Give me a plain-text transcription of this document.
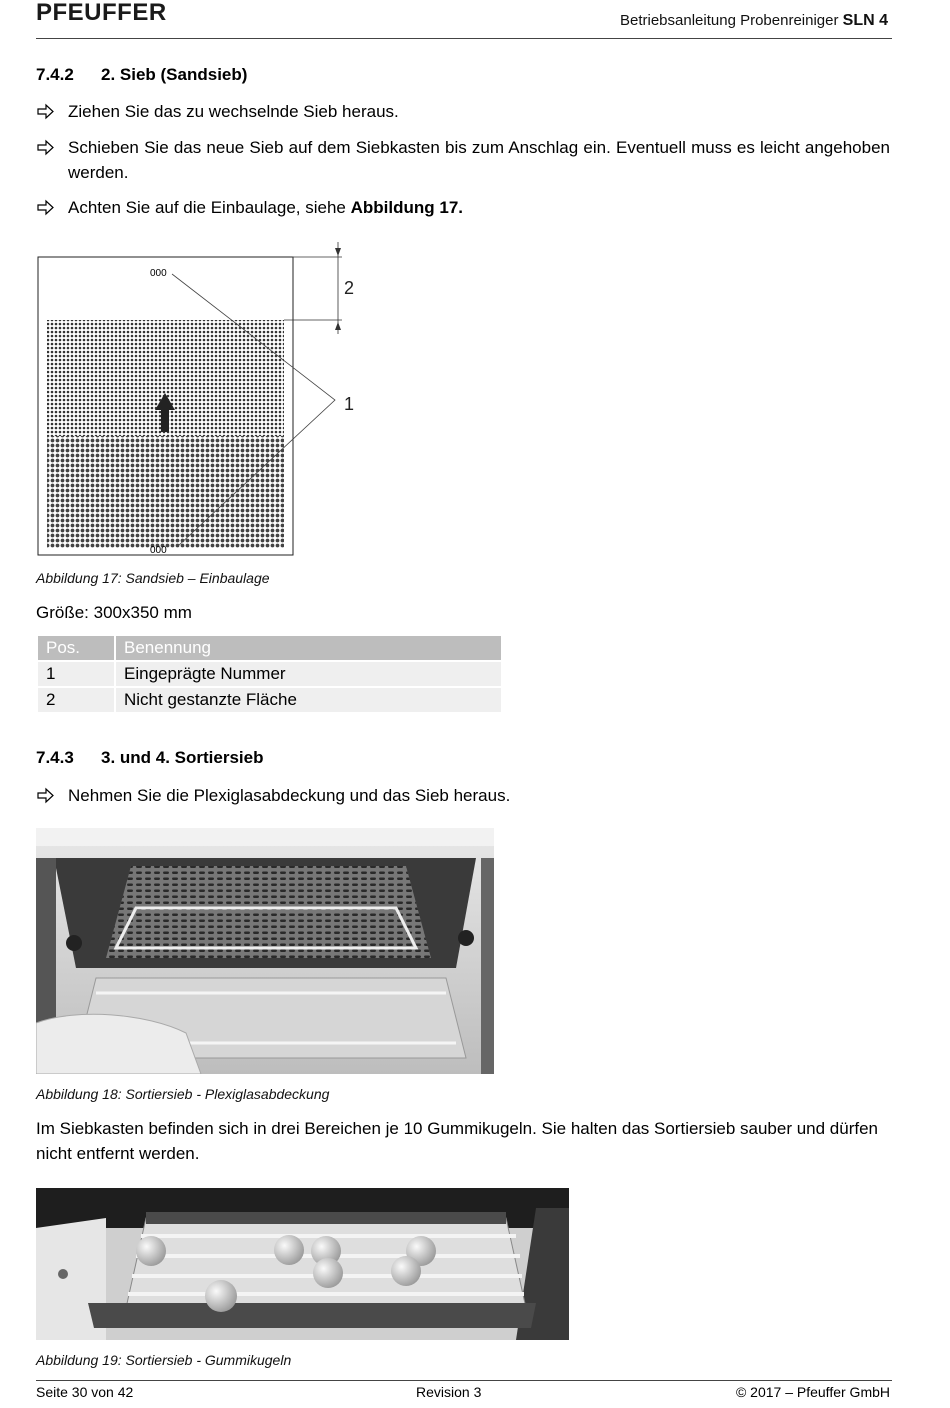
PFEUFFER	Betriebsanleitung Probenreiniger SLN 4
7.4.2 2. Sieb (Sandsieb)
Ziehen Sie das zu wechselnde Sieb heraus.
Schieben Sie das neue Sieb auf dem Siebkasten bis zum Anschlag ein. Eventuell muss es leicht angehoben werden.
Achten Sie auf die Einbaulage, siehe Abbildung 17.
000
000
2
1
Abbildung 17: Sandsieb – Einbaulage
Größe: 300x350 mm
Pos.	Benennung
1	Eingeprägte Nummer
2	Nicht gestanzte Fläche
7.4.3 3. und 4. Sortiersieb
Nehmen Sie die Plexiglasabdeckung und das Sieb heraus.
Abbildung 18: Sortiersieb - Plexiglasabdeckung
Im Siebkasten befinden sich in drei Bereichen je 10 Gummikugeln. Sie halten das Sortiersieb sauber und dürfen nicht entfernt werden.
Abbildung 19: Sortiersieb - Gummikugeln
Seite 30 von 42	Revision 3	© 2017 – Pfeuffer GmbH
